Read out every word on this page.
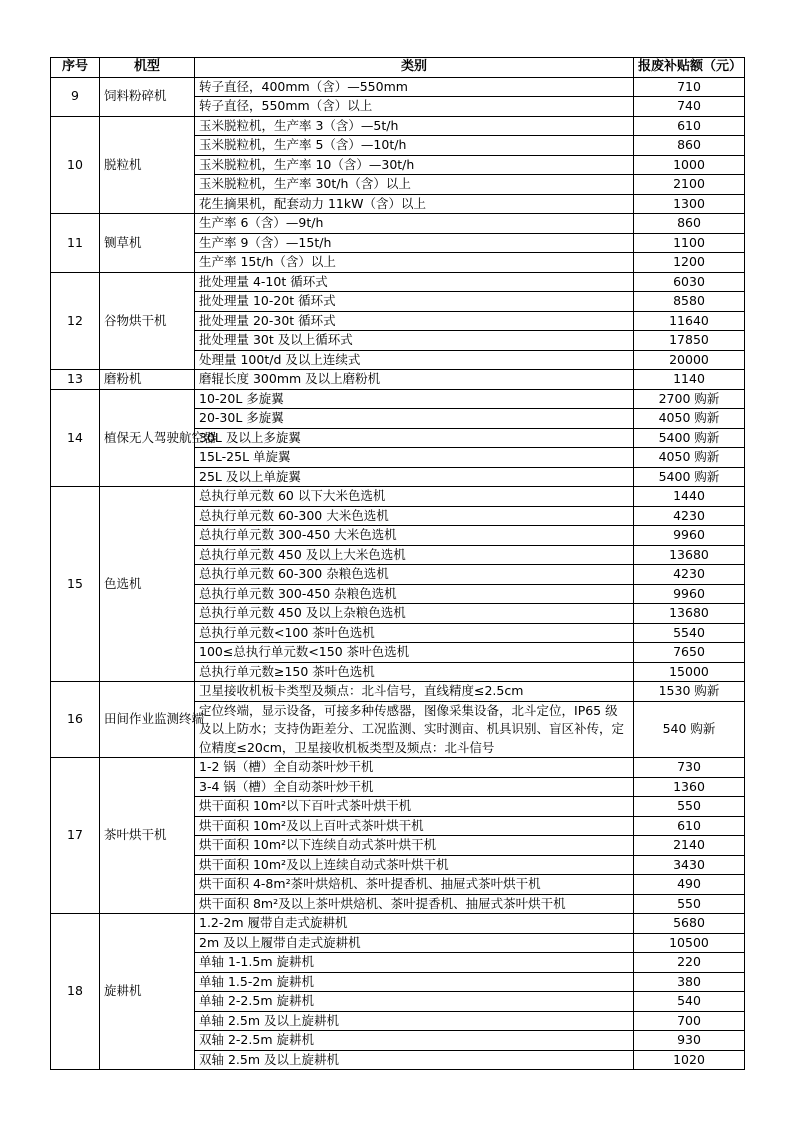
序号	机型	类别	报废补贴额（元）
9	饲料粉碎机	转子直径，400mm（含）—550mm	710
		转子直径，550mm（含）以上	740
10	脱粒机	玉米脱粒机，生产率 3（含）—5t/h	610
		玉米脱粒机，生产率 5（含）—10t/h	860
		玉米脱粒机，生产率 10（含）—30t/h	1000
		玉米脱粒机，生产率 30t/h（含）以上	2100
		花生摘果机，配套动力 11kW（含）以上	1300
11	铡草机	生产率 6（含）—9t/h	860
		生产率 9（含）—15t/h	1100
		生产率 15t/h（含）以上	1200
12	谷物烘干机	批处理量 4-10t 循环式	6030
		批处理量 10-20t 循环式	8580
		批处理量 20-30t 循环式	11640
		批处理量 30t 及以上循环式	17850
		处理量 100t/d 及以上连续式	20000
13	磨粉机	磨辊长度 300mm 及以上磨粉机	1140
14	植保无人驾驶航空器	10-20L 多旋翼	2700 购新
		20-30L 多旋翼	4050 购新
		30L 及以上多旋翼	5400 购新
		15L-25L 单旋翼	4050 购新
		25L 及以上单旋翼	5400 购新
15	色选机	总执行单元数 60 以下大米色选机	1440
		总执行单元数 60-300 大米色选机	4230
		总执行单元数 300-450 大米色选机	9960
		总执行单元数 450 及以上大米色选机	13680
		总执行单元数 60-300 杂粮色选机	4230
		总执行单元数 300-450 杂粮色选机	9960
		总执行单元数 450 及以上杂粮色选机	13680
		总执行单元数<100 茶叶色选机	5540
		100≤总执行单元数<150 茶叶色选机	7650
		总执行单元数≥150 茶叶色选机	15000
16	田间作业监测终端	卫星接收机板卡类型及频点：北斗信号，直线精度≤2.5cm	1530 购新
		定位终端，显示设备，可接多种传感器，图像采集设备，北斗定位，IP65 级及以上防水；支持伪距差分、工况监测、实时测亩、机具识别、盲区补传，定位精度≤20cm，卫星接收机板类型及频点：北斗信号	540 购新
17	茶叶烘干机	1-2 锅（槽）全自动茶叶炒干机	730
		3-4 锅（槽）全自动茶叶炒干机	1360
		烘干面积 10m²以下百叶式茶叶烘干机	550
		烘干面积 10m²及以上百叶式茶叶烘干机	610
		烘干面积 10m²以下连续自动式茶叶烘干机	2140
		烘干面积 10m²及以上连续自动式茶叶烘干机	3430
		烘干面积 4-8m²茶叶烘焙机、茶叶提香机、抽屉式茶叶烘干机	490
		烘干面积 8m²及以上茶叶烘焙机、茶叶提香机、抽屉式茶叶烘干机	550
18	旋耕机	1.2-2m 履带自走式旋耕机	5680
		2m 及以上履带自走式旋耕机	10500
		单轴 1-1.5m 旋耕机	220
		单轴 1.5-2m 旋耕机	380
		单轴 2-2.5m 旋耕机	540
		单轴 2.5m 及以上旋耕机	700
		双轴 2-2.5m 旋耕机	930
		双轴 2.5m 及以上旋耕机	1020
